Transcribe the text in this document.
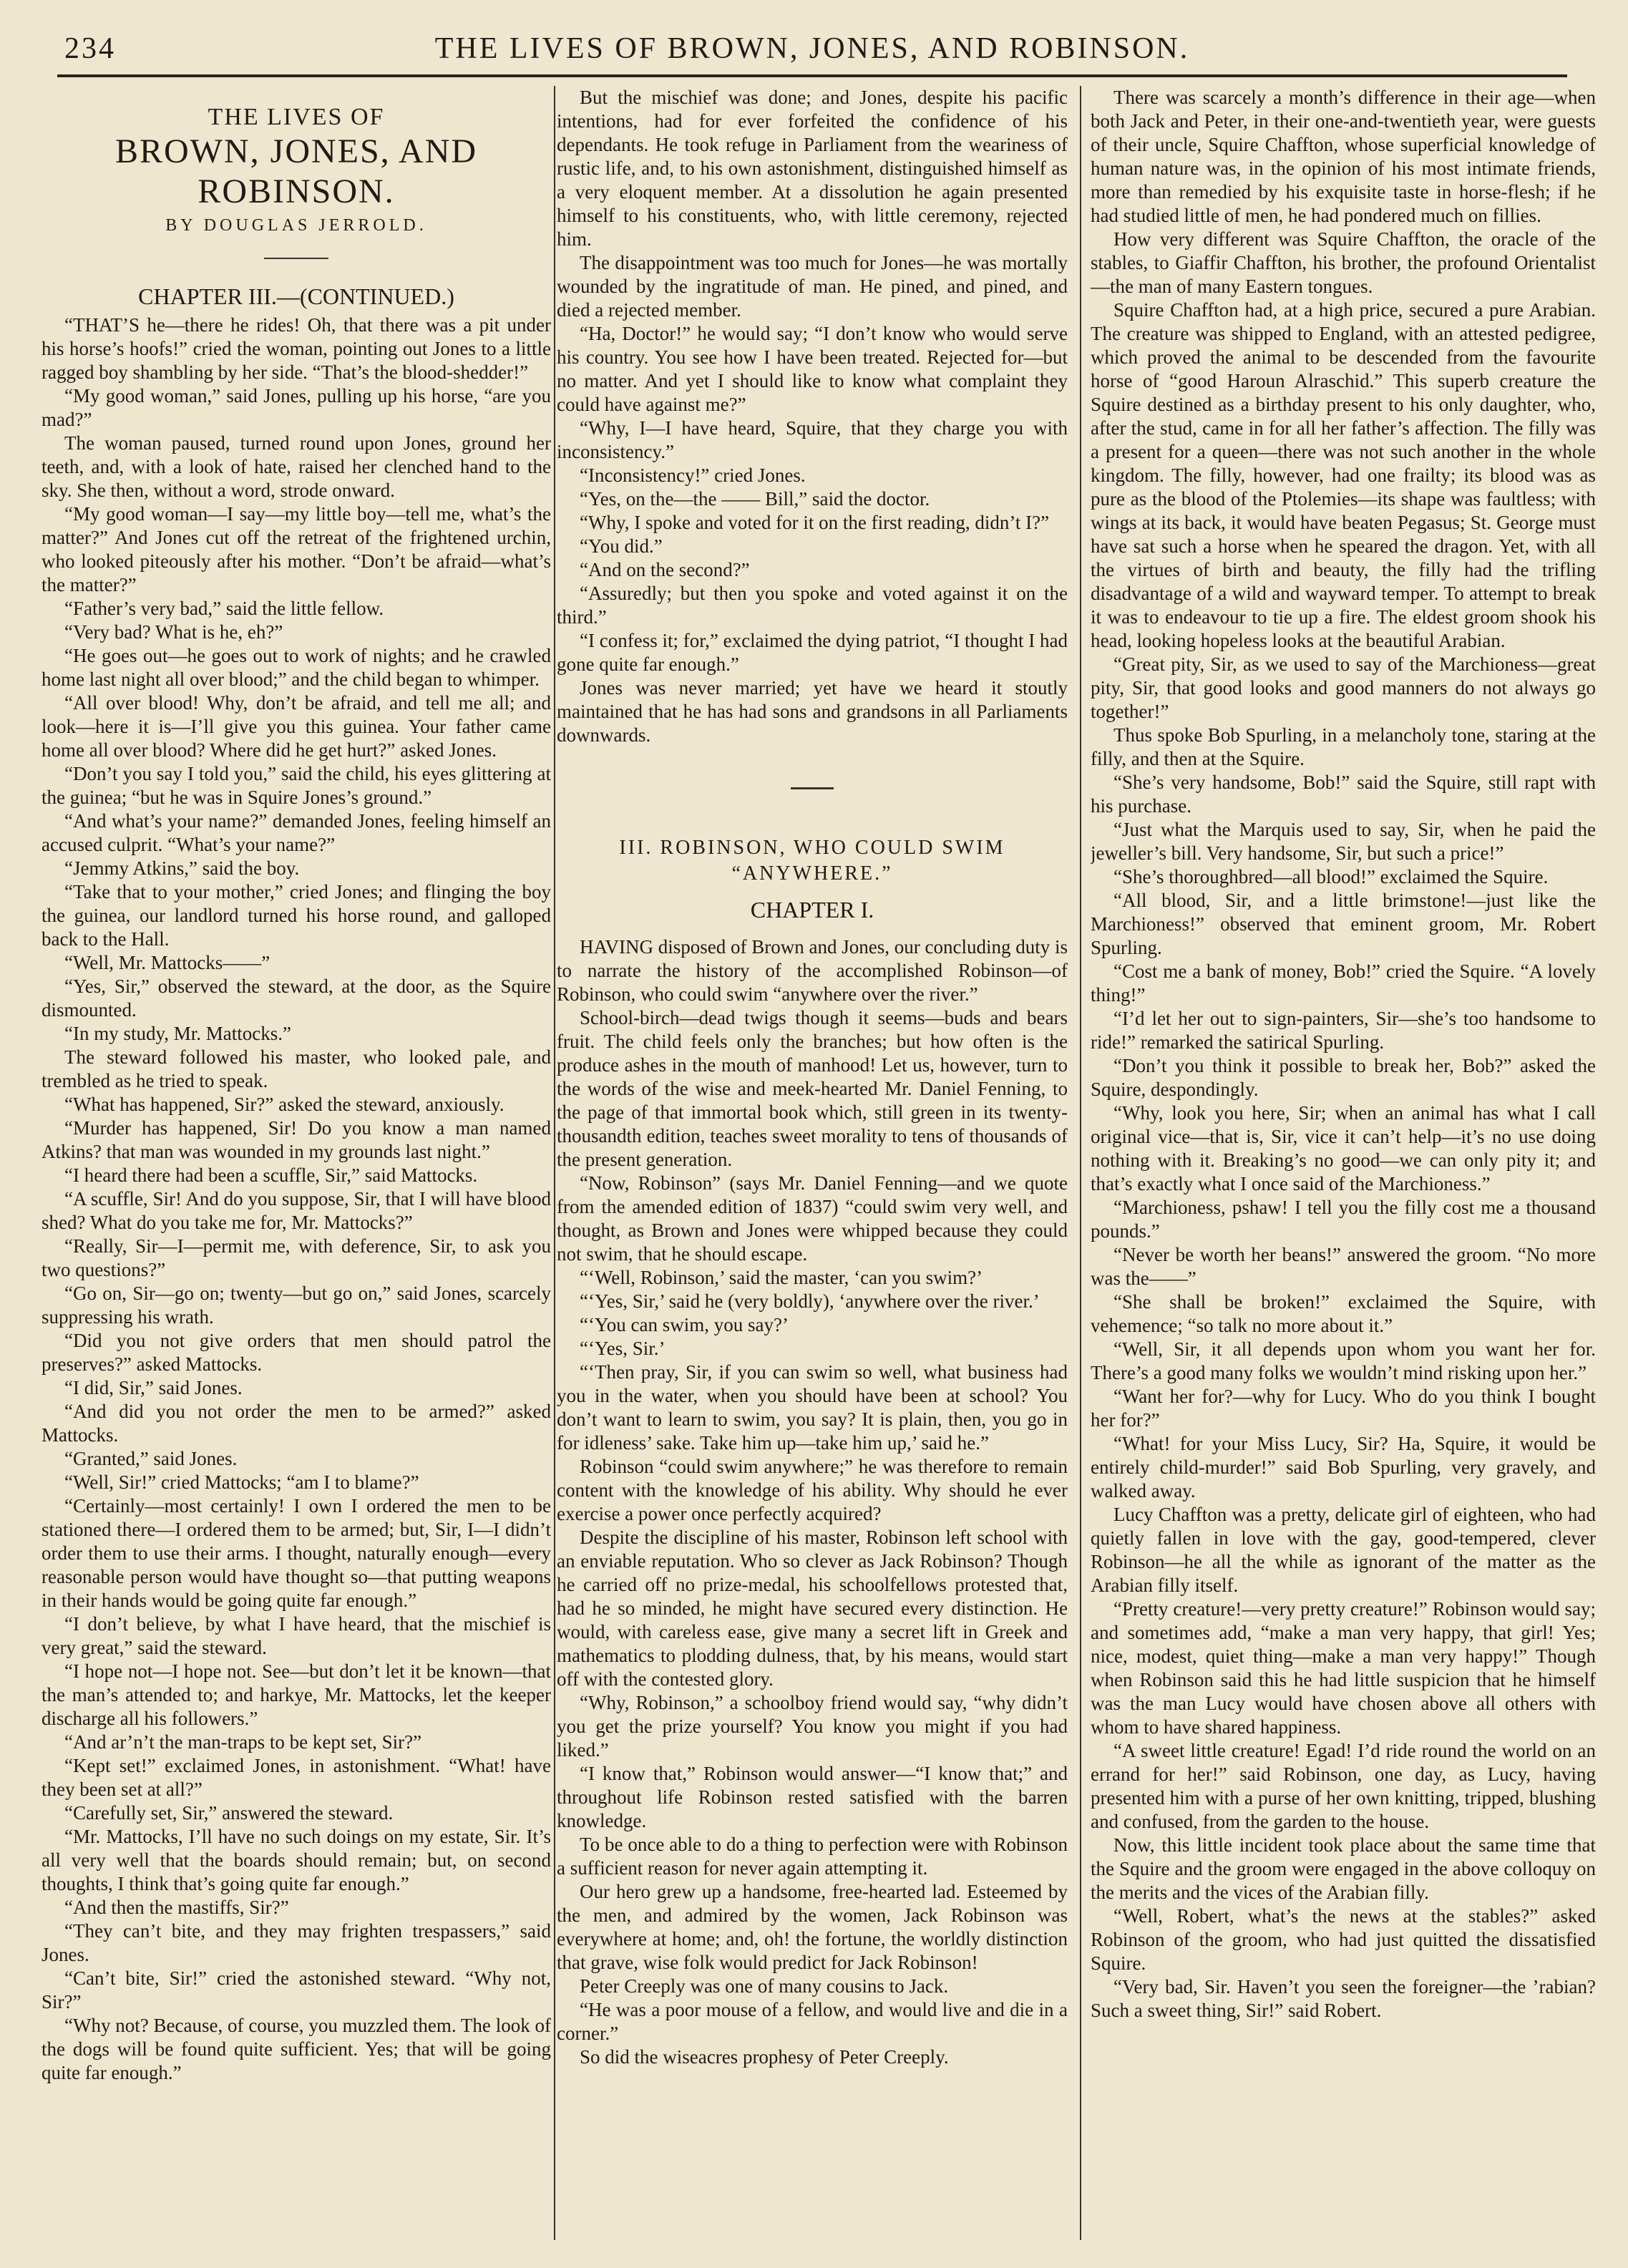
234	THE LIVES OF BROWN, JONES, AND ROBINSON.
THE LIVES OF
BROWN, JONES, AND ROBINSON.
BY DOUGLAS JERROLD.
CHAPTER III.—(CONTINUED.)

“THAT’S he—there he rides! Oh, that there was a pit under his horse’s hoofs!” cried the woman, pointing out Jones to a little ragged boy shambling by her side. “That’s the blood-shedder!”

“My good woman,” said Jones, pulling up his horse, “are you mad?”

The woman paused, turned round upon Jones, ground her teeth, and, with a look of hate, raised her clenched hand to the sky. She then, without a word, strode onward.

“My good woman—I say—my little boy—tell me, what’s the matter?” And Jones cut off the retreat of the frightened urchin, who looked piteously after his mother. “Don’t be afraid—what’s the matter?”

“Father’s very bad,” said the little fellow.

“Very bad? What is he, eh?”

“He goes out—he goes out to work of nights; and he crawled home last night all over blood;” and the child began to whimper.

“All over blood! Why, don’t be afraid, and tell me all; and look—here it is—I’ll give you this guinea. Your father came home all over blood? Where did he get hurt?” asked Jones.

“Don’t you say I told you,” said the child, his eyes glittering at the guinea; “but he was in Squire Jones’s ground.”

“And what’s your name?” demanded Jones, feeling himself an accused culprit. “What’s your name?”

“Jemmy Atkins,” said the boy.

“Take that to your mother,” cried Jones; and flinging the boy the guinea, our landlord turned his horse round, and galloped back to the Hall.

“Well, Mr. Mattocks——”

“Yes, Sir,” observed the steward, at the door, as the Squire dismounted.

“In my study, Mr. Mattocks.”

The steward followed his master, who looked pale, and trembled as he tried to speak.

“What has happened, Sir?” asked the steward, anxiously.

“Murder has happened, Sir! Do you know a man named Atkins? that man was wounded in my grounds last night.”

“I heard there had been a scuffle, Sir,” said Mattocks.

“A scuffle, Sir! And do you suppose, Sir, that I will have blood shed? What do you take me for, Mr. Mattocks?”

“Really, Sir—I—permit me, with deference, Sir, to ask you two questions?”

“Go on, Sir—go on; twenty—but go on,” said Jones, scarcely suppressing his wrath.

“Did you not give orders that men should patrol the preserves?” asked Mattocks.

“I did, Sir,” said Jones.

“And did you not order the men to be armed?” asked Mattocks.

“Granted,” said Jones.

“Well, Sir!” cried Mattocks; “am I to blame?”

“Certainly—most certainly! I own I ordered the men to be stationed there—I ordered them to be armed; but, Sir, I—I didn’t order them to use their arms. I thought, naturally enough—every reasonable person would have thought so—that putting weapons in their hands would be going quite far enough.”

“I don’t believe, by what I have heard, that the mischief is very great,” said the steward.

“I hope not—I hope not. See—but don’t let it be known—that the man’s attended to; and harkye, Mr. Mattocks, let the keeper discharge all his followers.”

“And ar’n’t the man-traps to be kept set, Sir?”

“Kept set!” exclaimed Jones, in astonishment. “What! have they been set at all?”

“Carefully set, Sir,” answered the steward.

“Mr. Mattocks, I’ll have no such doings on my estate, Sir. It’s all very well that the boards should remain; but, on second thoughts, I think that’s going quite far enough.”

“And then the mastiffs, Sir?”

“They can’t bite, and they may frighten trespassers,” said Jones.

“Can’t bite, Sir!” cried the astonished steward. “Why not, Sir?”

“Why not? Because, of course, you muzzled them. The look of the dogs will be found quite sufficient. Yes; that will be going quite far enough.”

But the mischief was done; and Jones, despite his pacific intentions, had for ever forfeited the confidence of his dependants. He took refuge in Parliament from the weariness of rustic life, and, to his own astonishment, distinguished himself as a very eloquent member. At a dissolution he again presented himself to his constituents, who, with little ceremony, rejected him.

The disappointment was too much for Jones—he was mortally wounded by the ingratitude of man. He pined, and pined, and died a rejected member.

“Ha, Doctor!” he would say; “I don’t know who would serve his country. You see how I have been treated. Rejected for—but no matter. And yet I should like to know what complaint they could have against me?”

“Why, I—I have heard, Squire, that they charge you with inconsistency.”

“Inconsistency!” cried Jones.

“Yes, on the—the —— Bill,” said the doctor.

“Why, I spoke and voted for it on the first reading, didn’t I?”

“You did.”

“And on the second?”

“Assuredly; but then you spoke and voted against it on the third.”

“I confess it; for,” exclaimed the dying patriot, “I thought I had gone quite far enough.”

Jones was never married; yet have we heard it stoutly maintained that he has had sons and grandsons in all Parliaments downwards.

III. ROBINSON, WHO COULD SWIM “ANYWHERE.”
CHAPTER I.

HAVING disposed of Brown and Jones, our concluding duty is to narrate the history of the accomplished Robinson—of Robinson, who could swim “anywhere over the river.”

School-birch—dead twigs though it seems—buds and bears fruit. The child feels only the branches; but how often is the produce ashes in the mouth of manhood! Let us, however, turn to the words of the wise and meek-hearted Mr. Daniel Fenning, to the page of that immortal book which, still green in its twenty-thousandth edition, teaches sweet morality to tens of thousands of the present generation.

“Now, Robinson” (says Mr. Daniel Fenning—and we quote from the amended edition of 1837) “could swim very well, and thought, as Brown and Jones were whipped because they could not swim, that he should escape.

“‘Well, Robinson,’ said the master, ‘can you swim?’

“‘Yes, Sir,’ said he (very boldly), ‘anywhere over the river.’

“‘You can swim, you say?’

“‘Yes, Sir.’

“‘Then pray, Sir, if you can swim so well, what business had you in the water, when you should have been at school? You don’t want to learn to swim, you say? It is plain, then, you go in for idleness’ sake. Take him up—take him up,’ said he.”

Robinson “could swim anywhere;” he was therefore to remain content with the knowledge of his ability. Why should he ever exercise a power once perfectly acquired?

Despite the discipline of his master, Robinson left school with an enviable reputation. Who so clever as Jack Robinson? Though he carried off no prize-medal, his schoolfellows protested that, had he so minded, he might have secured every distinction. He would, with careless ease, give many a secret lift in Greek and mathematics to plodding dulness, that, by his means, would start off with the contested glory.

“Why, Robinson,” a schoolboy friend would say, “why didn’t you get the prize yourself? You know you might if you had liked.”

“I know that,” Robinson would answer—“I know that;” and throughout life Robinson rested satisfied with the barren knowledge.

To be once able to do a thing to perfection were with Robinson a sufficient reason for never again attempting it.

Our hero grew up a handsome, free-hearted lad. Esteemed by the men, and admired by the women, Jack Robinson was everywhere at home; and, oh! the fortune, the worldly distinction that grave, wise folk would predict for Jack Robinson!

Peter Creeply was one of many cousins to Jack.

“He was a poor mouse of a fellow, and would live and die in a corner.”

So did the wiseacres prophesy of Peter Creeply.

There was scarcely a month’s difference in their age—when both Jack and Peter, in their one-and-twentieth year, were guests of their uncle, Squire Chaffton, whose superficial knowledge of human nature was, in the opinion of his most intimate friends, more than remedied by his exquisite taste in horse-flesh; if he had studied little of men, he had pondered much on fillies.

How very different was Squire Chaffton, the oracle of the stables, to Giaffir Chaffton, his brother, the profound Orientalist—the man of many Eastern tongues.

Squire Chaffton had, at a high price, secured a pure Arabian. The creature was shipped to England, with an attested pedigree, which proved the animal to be descended from the favourite horse of “good Haroun Alraschid.” This superb creature the Squire destined as a birthday present to his only daughter, who, after the stud, came in for all her father’s affection. The filly was a present for a queen—there was not such another in the whole kingdom. The filly, however, had one frailty; its blood was as pure as the blood of the Ptolemies—its shape was faultless; with wings at its back, it would have beaten Pegasus; St. George must have sat such a horse when he speared the dragon. Yet, with all the virtues of birth and beauty, the filly had the trifling disadvantage of a wild and wayward temper. To attempt to break it was to endeavour to tie up a fire. The eldest groom shook his head, looking hopeless looks at the beautiful Arabian.

“Great pity, Sir, as we used to say of the Marchioness—great pity, Sir, that good looks and good manners do not always go together!”

Thus spoke Bob Spurling, in a melancholy tone, staring at the filly, and then at the Squire.

“She’s very handsome, Bob!” said the Squire, still rapt with his purchase.

“Just what the Marquis used to say, Sir, when he paid the jeweller’s bill. Very handsome, Sir, but such a price!”

“She’s thoroughbred—all blood!” exclaimed the Squire.

“All blood, Sir, and a little brimstone!—just like the Marchioness!” observed that eminent groom, Mr. Robert Spurling.

“Cost me a bank of money, Bob!” cried the Squire. “A lovely thing!”

“I’d let her out to sign-painters, Sir—she’s too handsome to ride!” remarked the satirical Spurling.

“Don’t you think it possible to break her, Bob?” asked the Squire, despondingly.

“Why, look you here, Sir; when an animal has what I call original vice—that is, Sir, vice it can’t help—it’s no use doing nothing with it. Breaking’s no good—we can only pity it; and that’s exactly what I once said of the Marchioness.”

“Marchioness, pshaw! I tell you the filly cost me a thousand pounds.”

“Never be worth her beans!” answered the groom. “No more was the——”

“She shall be broken!” exclaimed the Squire, with vehemence; “so talk no more about it.”

“Well, Sir, it all depends upon whom you want her for. There’s a good many folks we wouldn’t mind risking upon her.”

“Want her for?—why for Lucy. Who do you think I bought her for?”

“What! for your Miss Lucy, Sir? Ha, Squire, it would be entirely child-murder!” said Bob Spurling, very gravely, and walked away.

Lucy Chaffton was a pretty, delicate girl of eighteen, who had quietly fallen in love with the gay, good-tempered, clever Robinson—he all the while as ignorant of the matter as the Arabian filly itself.

“Pretty creature!—very pretty creature!” Robinson would say; and sometimes add, “make a man very happy, that girl! Yes; nice, modest, quiet thing—make a man very happy!” Though when Robinson said this he had little suspicion that he himself was the man Lucy would have chosen above all others with whom to have shared happiness.

“A sweet little creature! Egad! I’d ride round the world on an errand for her!” said Robinson, one day, as Lucy, having presented him with a purse of her own knitting, tripped, blushing and confused, from the garden to the house.

Now, this little incident took place about the same time that the Squire and the groom were engaged in the above colloquy on the merits and the vices of the Arabian filly.

“Well, Robert, what’s the news at the stables?” asked Robinson of the groom, who had just quitted the dissatisfied Squire.

“Very bad, Sir. Haven’t you seen the foreigner—the ’rabian? Such a sweet thing, Sir!” said Robert.
